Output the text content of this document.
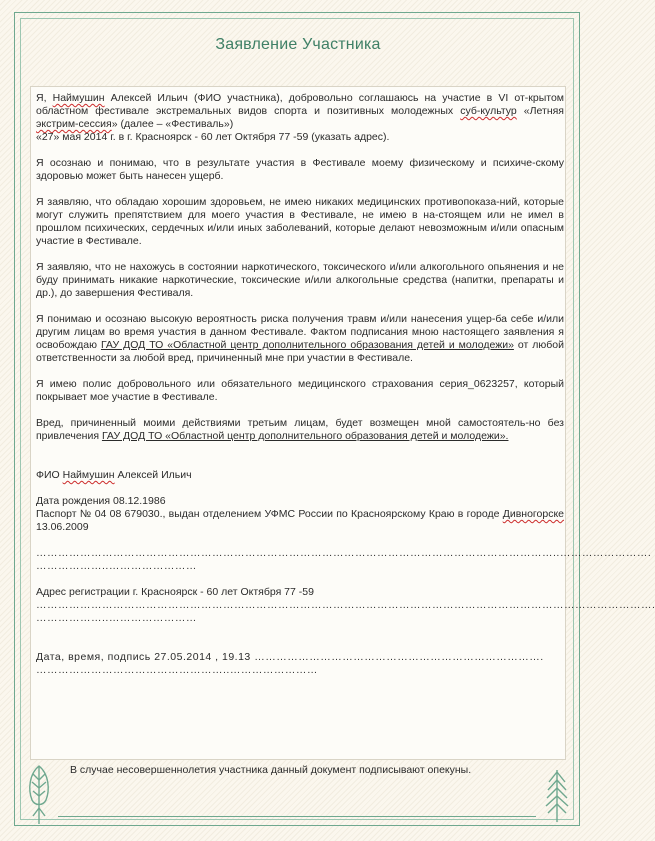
Заявление Участника

Я, Наймушин Алексей Ильич (ФИО участника), добровольно соглашаюсь на участие в VI от-крытом областном фестивале экстремальных видов спорта и позитивных молодежных суб-культур «Летняя экстрим-сессия» (далее – «Фестиваль»)

«27» мая 2014 г. в г. Красноярск - 60 лет Октября 77 -59 (указать адрес).

Я осознаю и понимаю, что в результате участия в Фестивале моему физическому и психиче-скому здоровью может быть нанесен ущерб.

Я заявляю, что обладаю хорошим здоровьем, не имею никаких медицинских противопоказа-ний, которые могут служить препятствием для моего участия в Фестивале, не имею в на-стоящем или не имел в прошлом психических, сердечных и/или иных заболеваний, которые делают невозможным и/или опасным участие в Фестивале.

Я заявляю, что не нахожусь в состоянии наркотического, токсического и/или алкогольного опьянения и не буду принимать никакие наркотические, токсические и/или алкогольные средства (напитки, препараты и др.), до завершения Фестиваля.

Я понимаю и осознаю высокую вероятность риска получения травм и/или нанесения ущер-ба себе и/или другим лицам во время участия в данном Фестивале. Фактом подписания мною настоящего заявления я освобождаю ГАУ ДОД ТО «Областной центр дополнительного образования детей и молодежи» от любой ответственности за любой вред, причиненный мне при участии в Фестивале.

Я имею полис добровольного или обязательного медицинского страхования серия_0623257, который покрывает мое участие в Фестивале.

Вред, причиненный моими действиями третьим лицам, будет возмещен мной самостоятель-но без привлечения ГАУ ДОД ТО «Областной центр дополнительного образования детей и молодежи».

ФИО Наймушин Алексей Ильич

Дата рождения 08.12.1986

Паспорт № 04 08 679030., выдан отделением УФМС России по Красноярскому Краю в городе Дивногорске 13.06.2009

……………………………………………………………………………………………………………………………..…………………….
………………..……………………

Адрес регистрации г. Красноярск - 60 лет Октября 77 -59

…………………………………………………………………………………………………………………………………………………….
………………..……………………
Дата, время, подпись 27.05.2014 , 19.13 …………………………………………………………………….
……………………………………………..……………………
В случае несовершеннолетия участника данный документ подписывают опекуны.
